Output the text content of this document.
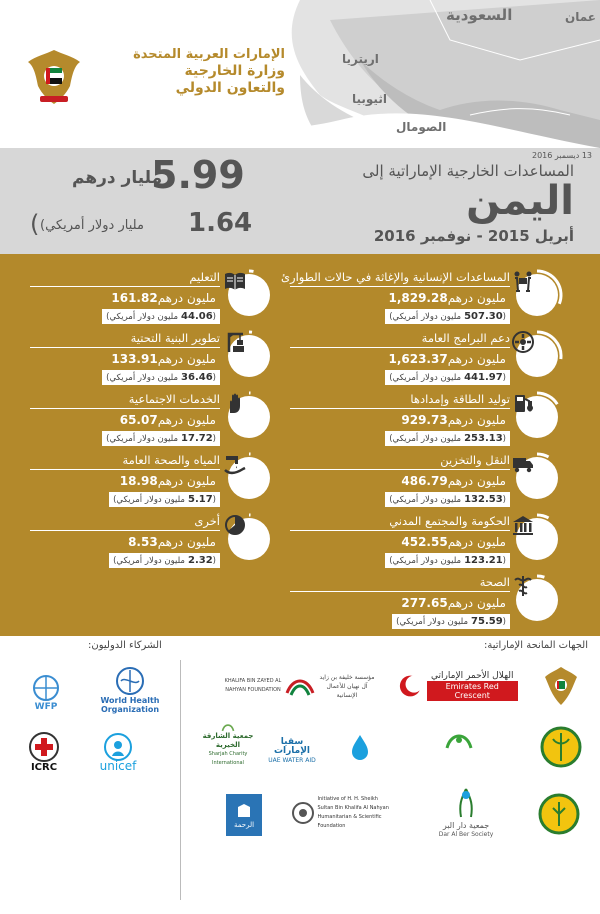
السعودية	عمان
اريتريا
اثيوبيا
الصومال
الإمارات العربية المتحدة
وزارة الخارجية
والتعاون الدولي
13 ديسمبر 2016
المساعدات الخارجية الإماراتية إلى
اليمن
أبريل 2015 - نوفمبر 2016
مليار درهم
5.99
( مليار دولار أمريكي) 1.64
المساعدات الإنسانية والإغاثة في حالات الطوارئ
مليون درهم1,829.28
(507.30مليون دولار أمريكي)
دعم البرامج العامة
مليون درهم1,623.37
(441.97مليون دولار أمريكي)
توليد الطاقة وإمدادها
مليون درهم929.73
(253.13مليون دولار أمريكي)
النقل والتخزين
مليون درهم486.79
(132.53مليون دولار أمريكي)
الحكومة والمجتمع المدني
مليون درهم452.55
(123.21مليون دولار أمريكي)
الصحة
مليون درهم277.65
(75.59مليون دولار أمريكي)
التعليم
مليون درهم161.82
(44.06مليون دولار أمريكي)
تطوير البنية التحتية
مليون درهم133.91
(36.46مليون دولار أمريكي)
الخدمات الاجتماعية
مليون درهم65.07
(17.72مليون دولار أمريكي)
المياه والصحة العامة
مليون درهم18.98
(5.17مليون دولار أمريكي)
أخرى
مليون درهم8.53
(2.32مليون دولار أمريكي)
الجهات المانحة الإماراتية:
الشركاء الدوليون:
WFP
World Health Organization
ICRC	unicef
الهلال الأحمر الإماراتي
Emirates Red Crescent
KHALIFA BIN ZAYED AL NAHYAN FOUNDATION
مؤسسة خليفة بن زايد آل نهيان للأعمال الإنسانية
سقيا الإمارات
UAE WATER AID
جمعية الشارقة الخيرية
Sharjah Charity International
جمعية دار البر
Dar Al Ber Society
Initiative of H. H. Sheikh Sultan Bin Khalifa Al Nahyan Humanitarian & Scientific Foundation
الرحمة
